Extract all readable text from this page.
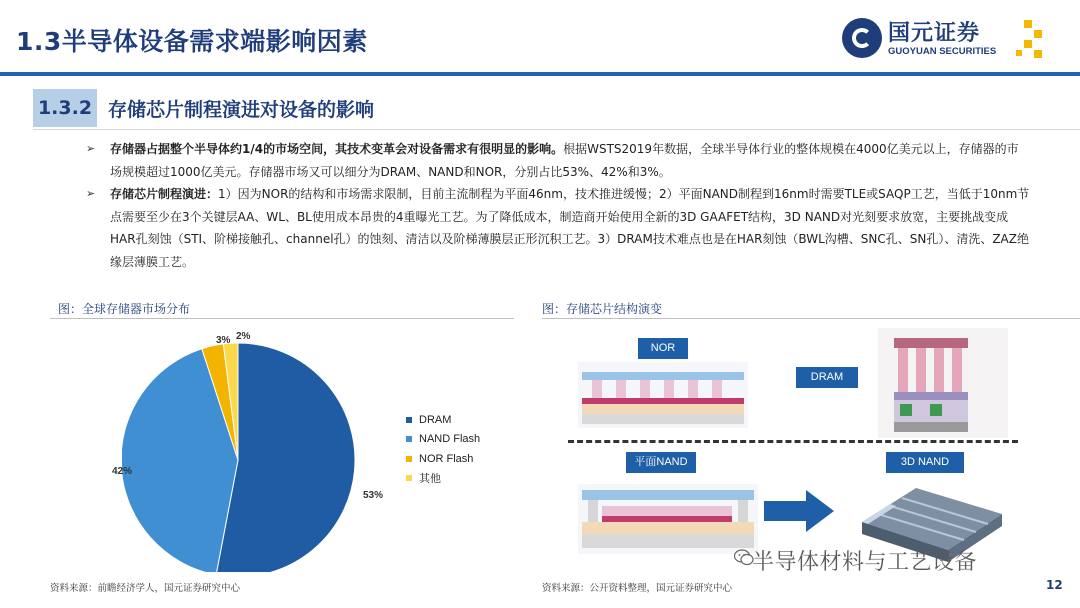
1.3半导体设备需求端影响因素	国元证券
GUOYUAN SECURITIES
1.3.2 存储芯片制程演进对设备的影响
➢ 存储器占据整个半导体约1/4的市场空间，其技术变革会对设备需求有很明显的影响。根据WSTS2019年数据，全球半导体行业的整体规模在4000亿美元以上，存储器的市场规模超过1000亿美元。存储器市场又可以细分为DRAM、NAND和NOR，分别占比53%、42%和3%。
➢ 存储芯片制程演进：1）因为NOR的结构和市场需求限制，目前主流制程为平面46nm，技术推进缓慢；2）平面NAND制程到16nm时需要TLE或SAQP工艺，当低于10nm节点需要至少在3个关键层AA、WL、BL使用成本昂贵的4重曝光工艺。为了降低成本，制造商开始使用全新的3D GAAFET结构，3D NAND对光刻要求放宽，主要挑战变成HAR孔刻蚀（STI、阶梯接触孔、channel孔）的蚀刻、清洁以及阶梯薄膜层正形沉积工艺。3）DRAM技术难点也是在HAR刻蚀（BWL沟槽、SNC孔、SN孔）、清洗、ZAZ绝缘层薄膜工艺。
图：全球存储器市场分布
53%
42%
3% 2%
DRAM
NAND Flash
NOR Flash
其他
图：存储芯片结构演变
NOR
DRAM
平面NAND	3D NAND
半导体材料与工艺设备
资料来源：前瞻经济学人，国元证券研究中心	资料来源：公开资料整理，国元证券研究中心	12
